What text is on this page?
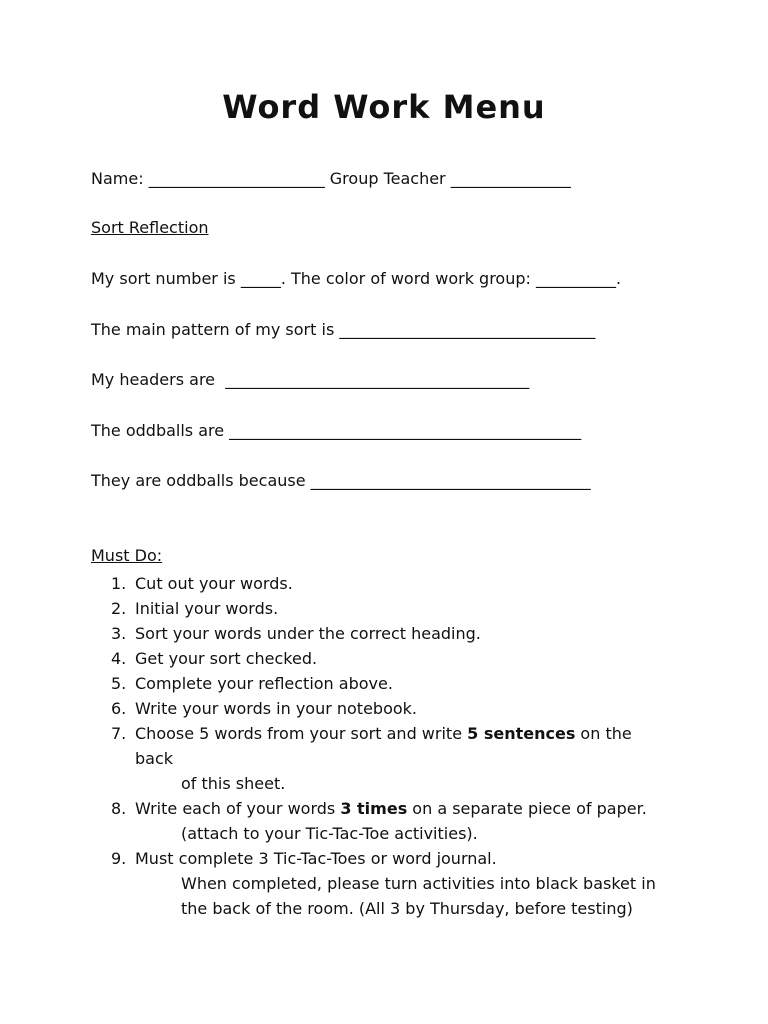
Word Work Menu
Name: ______________________ Group Teacher _______________
Sort Reflection
My sort number is _____. The color of word work group: __________.
The main pattern of my sort is ________________________________
My headers are  ______________________________________
The oddballs are ____________________________________________
They are oddballs because ___________________________________
Must Do:
1. Cut out your words.
2. Initial your words.
3. Sort your words under the correct heading.
4. Get your sort checked.
5. Complete your reflection above.
6. Write your words in your notebook.
7. Choose 5 words from your sort and write 5 sentences on the
back
of this sheet.
8. Write each of your words 3 times on a separate piece of paper.
(attach to your Tic-Tac-Toe activities).
9. Must complete 3 Tic-Tac-Toes or word journal.
When completed, please turn activities into black basket in
the back of the room. (All 3 by Thursday, before testing)
